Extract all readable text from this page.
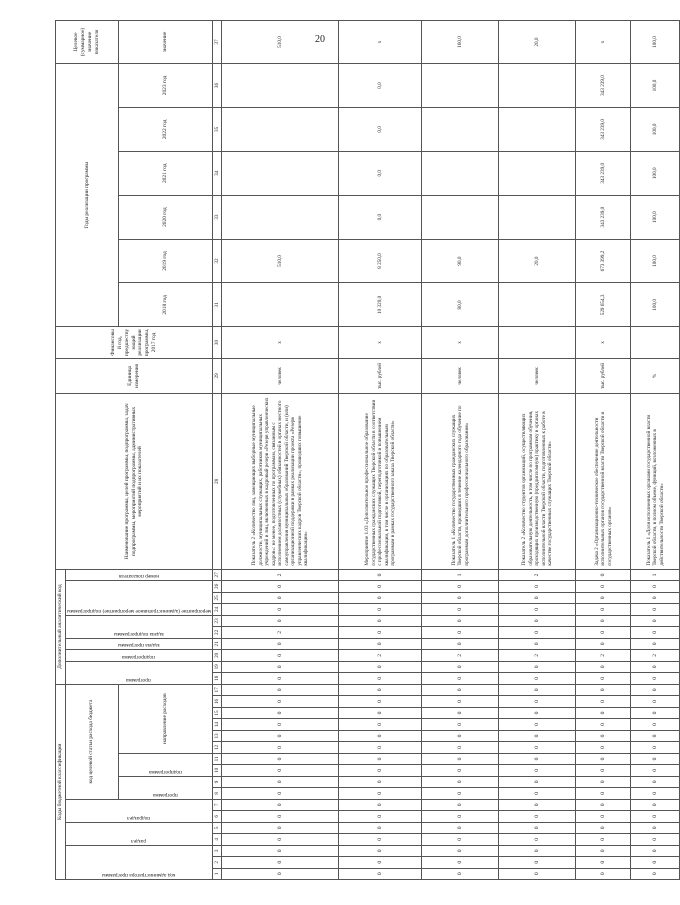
20
Коды бюджетной классификации																	Дополнительный аналитический код										Наименование программы, целей программы, подпрограммы, задач подпрограммы, мероприятий подпрограммы, административных мероприятий и их показателей	Единица измерения	Финансовый год, предшествующий реализации программы, 2017 год	Годы реализации программы						Целевое (суммарное) значение показателя

код администратора программы			раздел		подраздел		код целевой статьи расхода бюджета										программа		подпрограмма	задача программы	задача подпрограммы		мероприятие (административное мероприятие) подпрограммы			номер показателя										

							программа		подпрограмма		направление расходов																			2018 год	2019 год	2020 год	2021 год	2022 год	2023 год	значение
1	2	3	4	5	6	7	8	9	10	11	12	13	14	15	16	17	18	19	20	21	22	23	24	25	26	27	28	29	30	31	32	33	34	35	36	37
0	0	0	0	0	0	0	0	0	0	0	0	0	0	0	0	0	0	0	0	0	2	0	0	0	0	2	Показатель 2 «Количество лиц, замещающих выборные муниципальные должности, муниципальных служащих, работников муниципальных учреждений и лиц, включенных в кадровый резерв «Резерв управленческих кадров»: не менее, подготовленных по программам, связанным с исполнением должностных (служебных) обязанностей в органах местного самоуправления муниципальных образований Тверской области, и (или) организационной поддержки в рамках реализации проекта «Резерв управленческих кадров Тверской области», прошедших повышение квалификации»	человек	х		510,0					510,0
0	0	0	0	0	0	0	0	0	0	0	0	0	0	0	0	0	0	0	2	0	0	0	0	0	0	0	Мероприятие 1.03 «Дополнительное профессиональное образование государственных гражданских служащих Тверской области в соответствии с профессиональной подготовкой, переподготовкой и повышением квалификации, в том числе в организациях по образовательным программам в рамках государственного заказа Тверской области»	тыс. рублей	х	10 320,0	8 250,0	0,0	0,0	0,0	0,0	х
0	0	0	0	0	0	0	0	0	0	0	0	0	0	0	0	0	0	0	2	0	0	0	0	0	0	1	Показатель 1 «Количество государственных гражданских служащих Тверской области, прошедших в течение календарного года обучение по программам дополнительного профессионального образования»	человек	х	80,0	90,0					160,0
0	0	0	0	0	0	0	0	0	0	0	0	0	0	0	0	0	0	0	2	0	0	0	0	0	0	2	Показатель 2 «Количество студентов организаций, осуществляющих образовательную деятельность, в том числе по программам обучения, проходящих производственную (преддипломную) практику в органах исполнительной власти Тверской области, подготовленных к работе в качестве государственных служащих Тверской области»	человек			20,0					20,0
0	0	0	0	0	0	0	0	0	0	0	0	0	0	0	0	0	0	0	2	0	0	0	0	0	0	0	Задача 2 «Организационно-техническое обеспечение деятельности исполнительных органов государственной власти Тверской области и государственных органов»	тыс. рублей	х	529 654,3	673 399,2	343 239,0	343 239,0	343 239,0	343 239,0	х
0	0	0	0	0	0	0	0	0	0	0	0	0	0	0	0	0	0	0	2	0	0	0	0	0	0	1	Показатель 1 «Доля исполненных органами государственной власти Тверской области, в полном объеме, функций, возложенных в действительности Тверской области»	%		100,0	100,0	100,0	100,0	100,0	100,0	100,0
